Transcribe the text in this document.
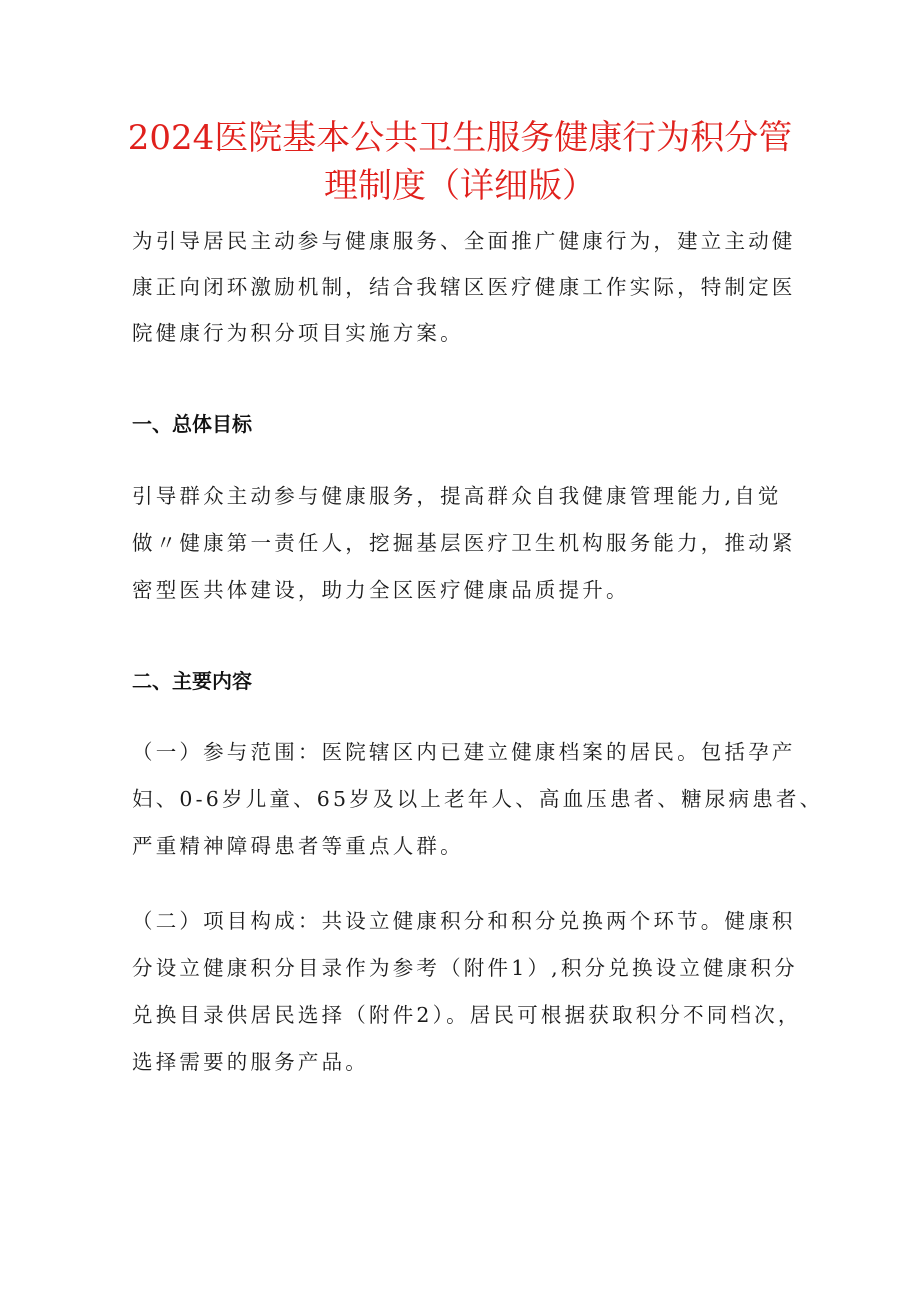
2024医院基本公共卫生服务健康行为积分管
理制度（详细版）

为引导居民主动参与健康服务、全面推广健康行为，建立主动健

康正向闭环激励机制，结合我辖区医疗健康工作实际，特制定医

院健康行为积分项目实施方案。

一、总体目标

引导群众主动参与健康服务，提高群众自我健康管理能力,自觉

做〃健康第一责任人，挖掘基层医疗卫生机构服务能力，推动紧

密型医共体建设，助力全区医疗健康品质提升。

二、主要内容

（一）参与范围：医院辖区内已建立健康档案的居民。包括孕产

妇、0-6岁儿童、65岁及以上老年人、高血压患者、糖尿病患者、

严重精神障碍患者等重点人群。

（二）项目构成：共设立健康积分和积分兑换两个环节。健康积

分设立健康积分目录作为参考（附件1）,积分兑换设立健康积分

兑换目录供居民选择（附件2）。居民可根据获取积分不同档次，

选择需要的服务产品。
